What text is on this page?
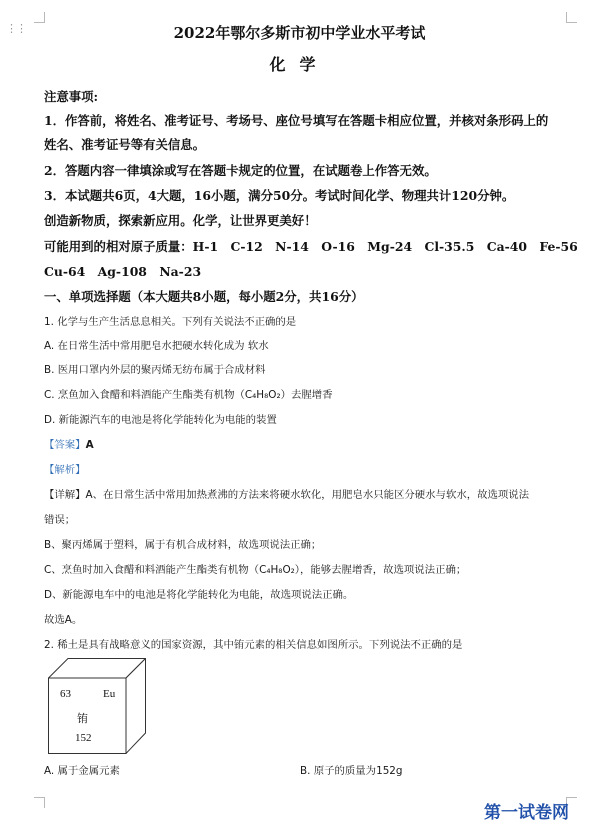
⋮⋮	2022年鄂尔多斯市初中学业水平考试
化学
注意事项:
1．作答前，将姓名、准考证号、考场号、座位号填写在答题卡相应位置，并核对条形码上的
姓名、准考证号等有关信息。
2．答题内容一律填涂或写在答题卡规定的位置，在试题卷上作答无效。
3．本试题共6页，4大题，16小题，满分50分。考试时间化学、物理共计120分钟。
创造新物质，探索新应用。化学，让世界更美好！
可能用到的相对原子质量：H-1　C-12　N-14　O-16　Mg-24　Cl-35.5　Ca-40　Fe-56
Cu-64　Ag-108　Na-23
一、单项选择题（本大题共8小题，每小题2分，共16分）
1. 化学与生产生活息息相关。下列有关说法不正确的是
A. 在日常生活中常用肥皂水把硬水转化成为 软水
B. 医用口罩内外层的聚丙烯无纺布属于合成材料
C. 烹鱼加入食醋和料酒能产生酯类有机物（C₄H₈O₂）去腥增香
D. 新能源汽车的电池是将化学能转化为电能的装置
【答案】A
【解析】
【详解】A、在日常生活中常用加热煮沸的方法来将硬水软化，用肥皂水只能区分硬水与软水，故选项说法
错误；
B、聚丙烯属于塑料，属于有机合成材料，故选项说法正确；
C、烹鱼时加入食醋和料酒能产生酯类有机物（C₄H₈O₂），能够去腥增香，故选项说法正确；
D、新能源电车中的电池是将化学能转化为电能，故选项说法正确。
故选A。
2. 稀土是具有战略意义的国家资源，其中铕元素的相关信息如图所示。下列说法不正确的是
63	Eu
铕
152
A. 属于金属元素	B. 原子的质量为152g
第一试卷网
